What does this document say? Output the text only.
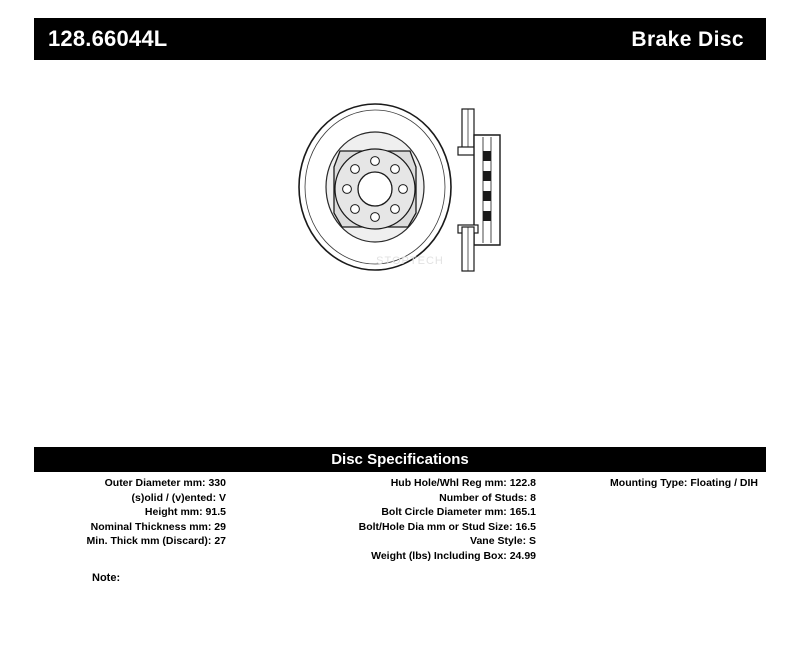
128.66044L	Brake Disc
STOPTECH
Disc Specifications
Outer Diameter mm: 330
(s)olid / (v)ented: V
Height mm: 91.5
Nominal Thickness mm: 29
Min. Thick mm (Discard): 27
Hub Hole/Whl Reg mm: 122.8
Number of Studs: 8
Bolt Circle Diameter mm: 165.1
Bolt/Hole Dia mm or Stud Size: 16.5
Vane Style: S
Weight (lbs) Including Box: 24.99
Mounting Type: Floating / DIH
Note:
